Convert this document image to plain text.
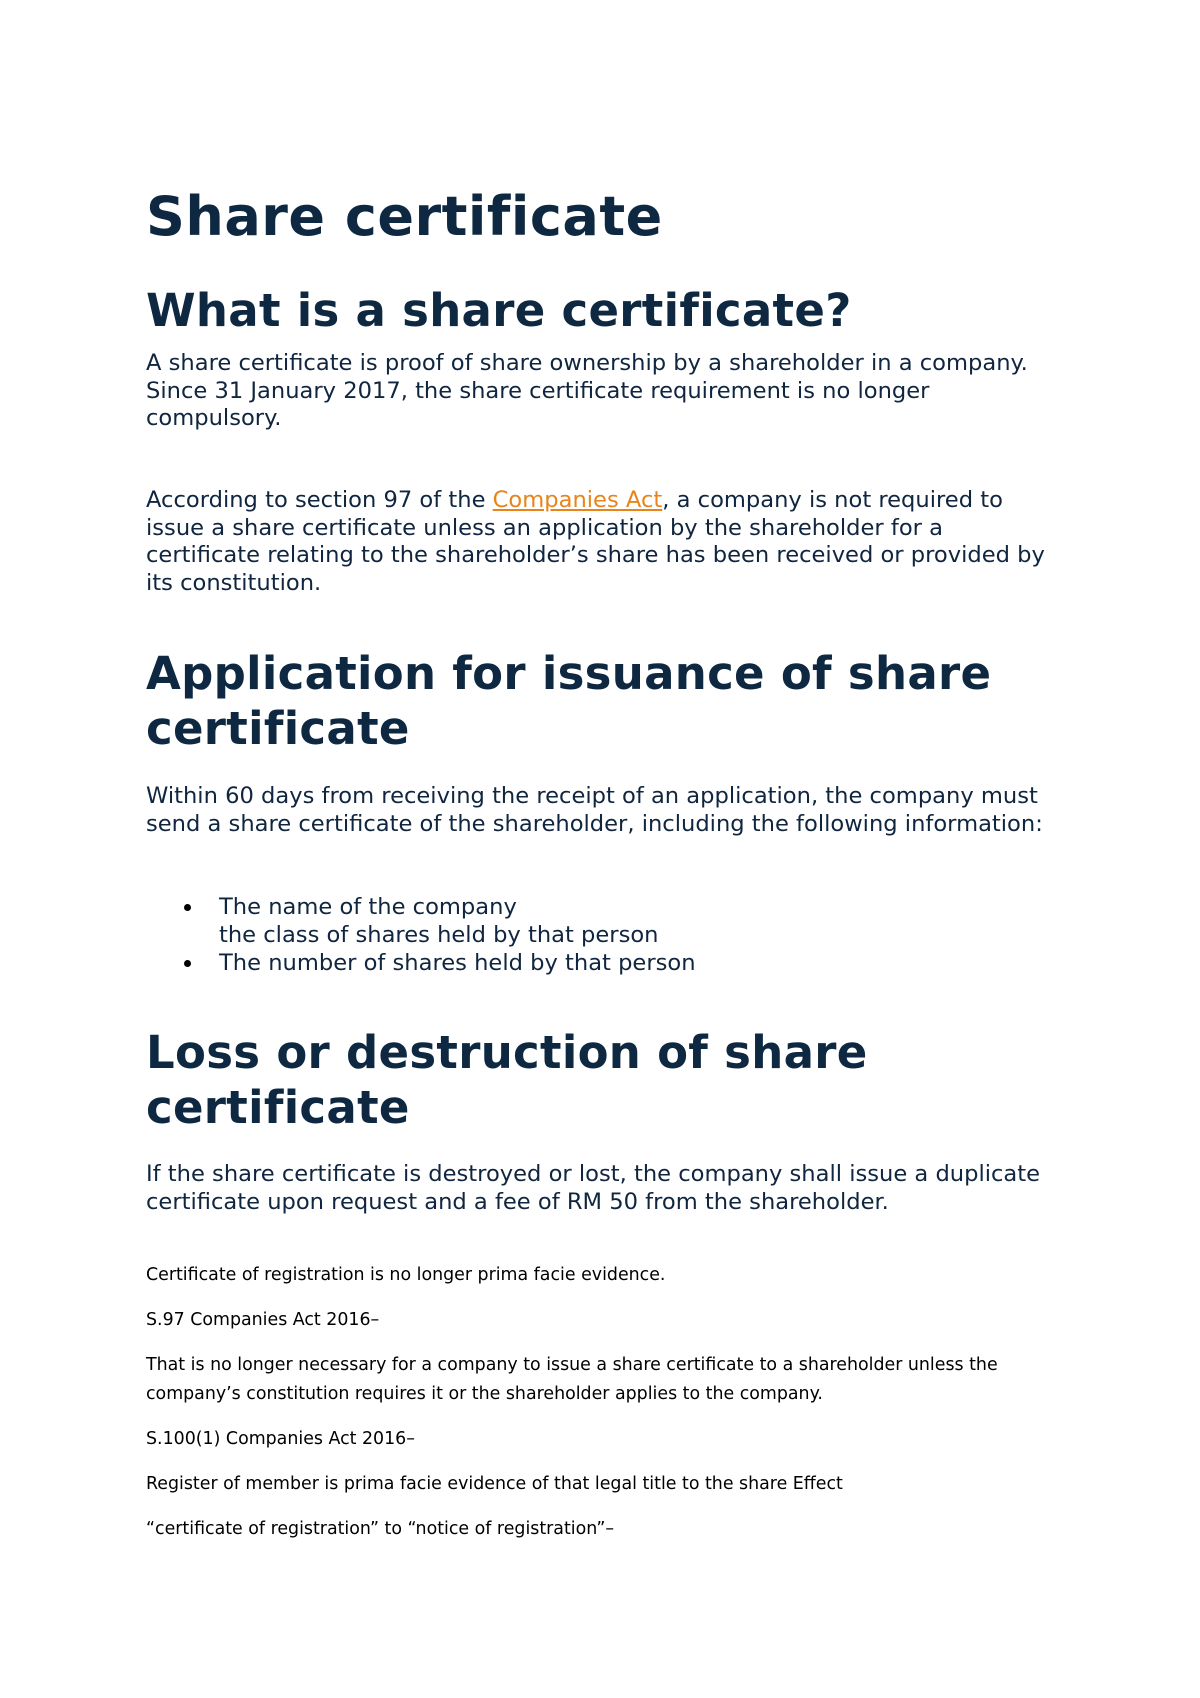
Share certificate
What is a share certificate?

A share certificate is proof of share ownership by a shareholder in a company. Since 31 January 2017, the share certificate requirement is no longer compulsory.

According to section 97 of the Companies Act, a company is not required to issue a share certificate unless an application by the shareholder for a certificate relating to the shareholder’s share has been received or provided by its constitution.

Application for issuance of share certificate

Within 60 days from receiving the receipt of an application, the company must send a share certificate of the shareholder, including the following information:

The name of the company
the class of shares held by that person
The number of shares held by that person
Loss or destruction of share certificate

If the share certificate is destroyed or lost, the company shall issue a duplicate certificate upon request and a fee of RM 50 from the shareholder.

Certificate of registration is no longer prima facie evidence.

S.97 Companies Act 2016–

That is no longer necessary for a company to issue a share certificate to a shareholder unless the company’s constitution requires it or the shareholder applies to the company.

S.100(1) Companies Act 2016–

Register of member is prima facie evidence of that legal title to the share Effect

“certificate of registration” to “notice of registration”–
